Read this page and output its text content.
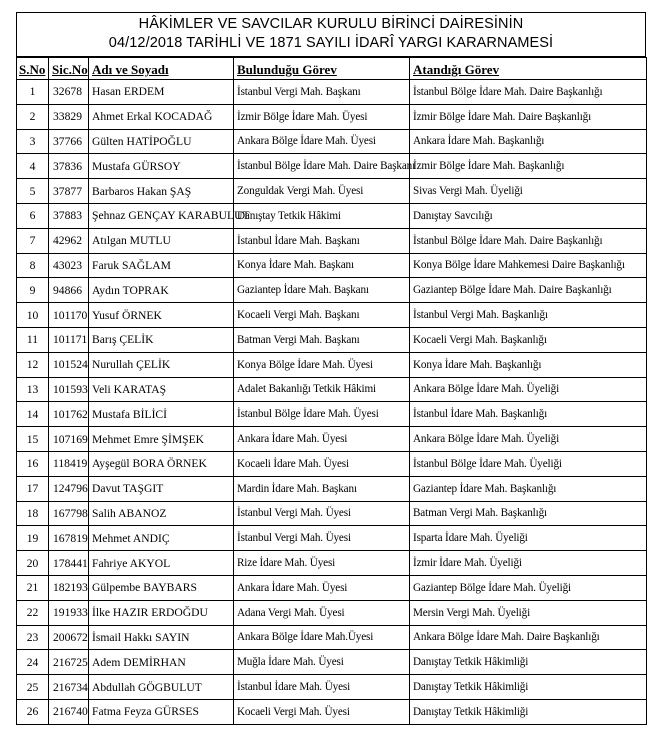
HÂKİMLER VE SAVCILAR KURULU BİRİNCİ DAİRESİNİN
04/12/2018 TARİHLİ VE 1871 SAYILI İDARÎ YARGI KARARNAMESİ
S.No	Sic.No	Adı ve Soyadı	Bulunduğu Görev	Atandığı Görev
1	32678	Hasan ERDEM	İstanbul Vergi Mah. Başkanı	İstanbul Bölge İdare Mah. Daire Başkanlığı
2	33829	Ahmet Erkal KOCADAĞ	İzmir Bölge İdare Mah. Üyesi	İzmir Bölge İdare Mah. Daire Başkanlığı
3	37766	Gülten HATİPOĞLU	Ankara Bölge İdare Mah. Üyesi	Ankara İdare Mah. Başkanlığı
4	37836	Mustafa GÜRSOY	İstanbul Bölge İdare Mah. Daire Başkanı	İzmir Bölge İdare Mah. Başkanlığı
5	37877	Barbaros Hakan ŞAŞ	Zonguldak Vergi Mah. Üyesi	Sivas Vergi Mah. Üyeliği
6	37883	Şehnaz GENÇAY KARABULUT	Danıştay Tetkik Hâkimi	Danıştay Savcılığı
7	42962	Atılgan MUTLU	İstanbul İdare Mah. Başkanı	İstanbul Bölge İdare Mah. Daire Başkanlığı
8	43023	Faruk SAĞLAM	Konya İdare Mah. Başkanı	Konya Bölge İdare Mahkemesi Daire Başkanlığı
9	94866	Aydın TOPRAK	Gaziantep İdare Mah. Başkanı	Gaziantep Bölge İdare Mah. Daire Başkanlığı
10	101170	Yusuf ÖRNEK	Kocaeli Vergi Mah. Başkanı	İstanbul Vergi Mah. Başkanlığı
11	101171	Barış ÇELİK	Batman Vergi Mah. Başkanı	Kocaeli Vergi Mah. Başkanlığı
12	101524	Nurullah ÇELİK	Konya Bölge İdare Mah. Üyesi	Konya İdare Mah. Başkanlığı
13	101593	Veli KARATAŞ	Adalet Bakanlığı Tetkik Hâkimi	Ankara Bölge İdare Mah. Üyeliği
14	101762	Mustafa BİLİCİ	İstanbul Bölge İdare Mah. Üyesi	İstanbul İdare Mah. Başkanlığı
15	107169	Mehmet Emre ŞİMŞEK	Ankara İdare Mah. Üyesi	Ankara Bölge İdare Mah. Üyeliği
16	118419	Ayşegül BORA ÖRNEK	Kocaeli İdare Mah. Üyesi	İstanbul Bölge İdare Mah. Üyeliği
17	124796	Davut TAŞGIT	Mardin İdare Mah. Başkanı	Gaziantep İdare Mah. Başkanlığı
18	167798	Salih ABANOZ	İstanbul Vergi Mah. Üyesi	Batman Vergi Mah. Başkanlığı
19	167819	Mehmet ANDIÇ	İstanbul Vergi Mah. Üyesi	Isparta İdare Mah. Üyeliği
20	178441	Fahriye AKYOL	Rize İdare Mah. Üyesi	İzmir İdare Mah. Üyeliği
21	182193	Gülpembe BAYBARS	Ankara İdare Mah. Üyesi	Gaziantep Bölge İdare Mah. Üyeliği
22	191933	İlke HAZIR ERDOĞDU	Adana Vergi Mah. Üyesi	Mersin Vergi Mah. Üyeliği
23	200672	İsmail Hakkı SAYIN	Ankara Bölge İdare Mah.Üyesi	Ankara Bölge İdare Mah. Daire Başkanlığı
24	216725	Adem DEMİRHAN	Muğla İdare Mah. Üyesi	Danıştay Tetkik Hâkimliği
25	216734	Abdullah GÖGBULUT	İstanbul İdare Mah. Üyesi	Danıştay Tetkik Hâkimliği
26	216740	Fatma Feyza GÜRSES	Kocaeli Vergi Mah. Üyesi	Danıştay Tetkik Hâkimliği
